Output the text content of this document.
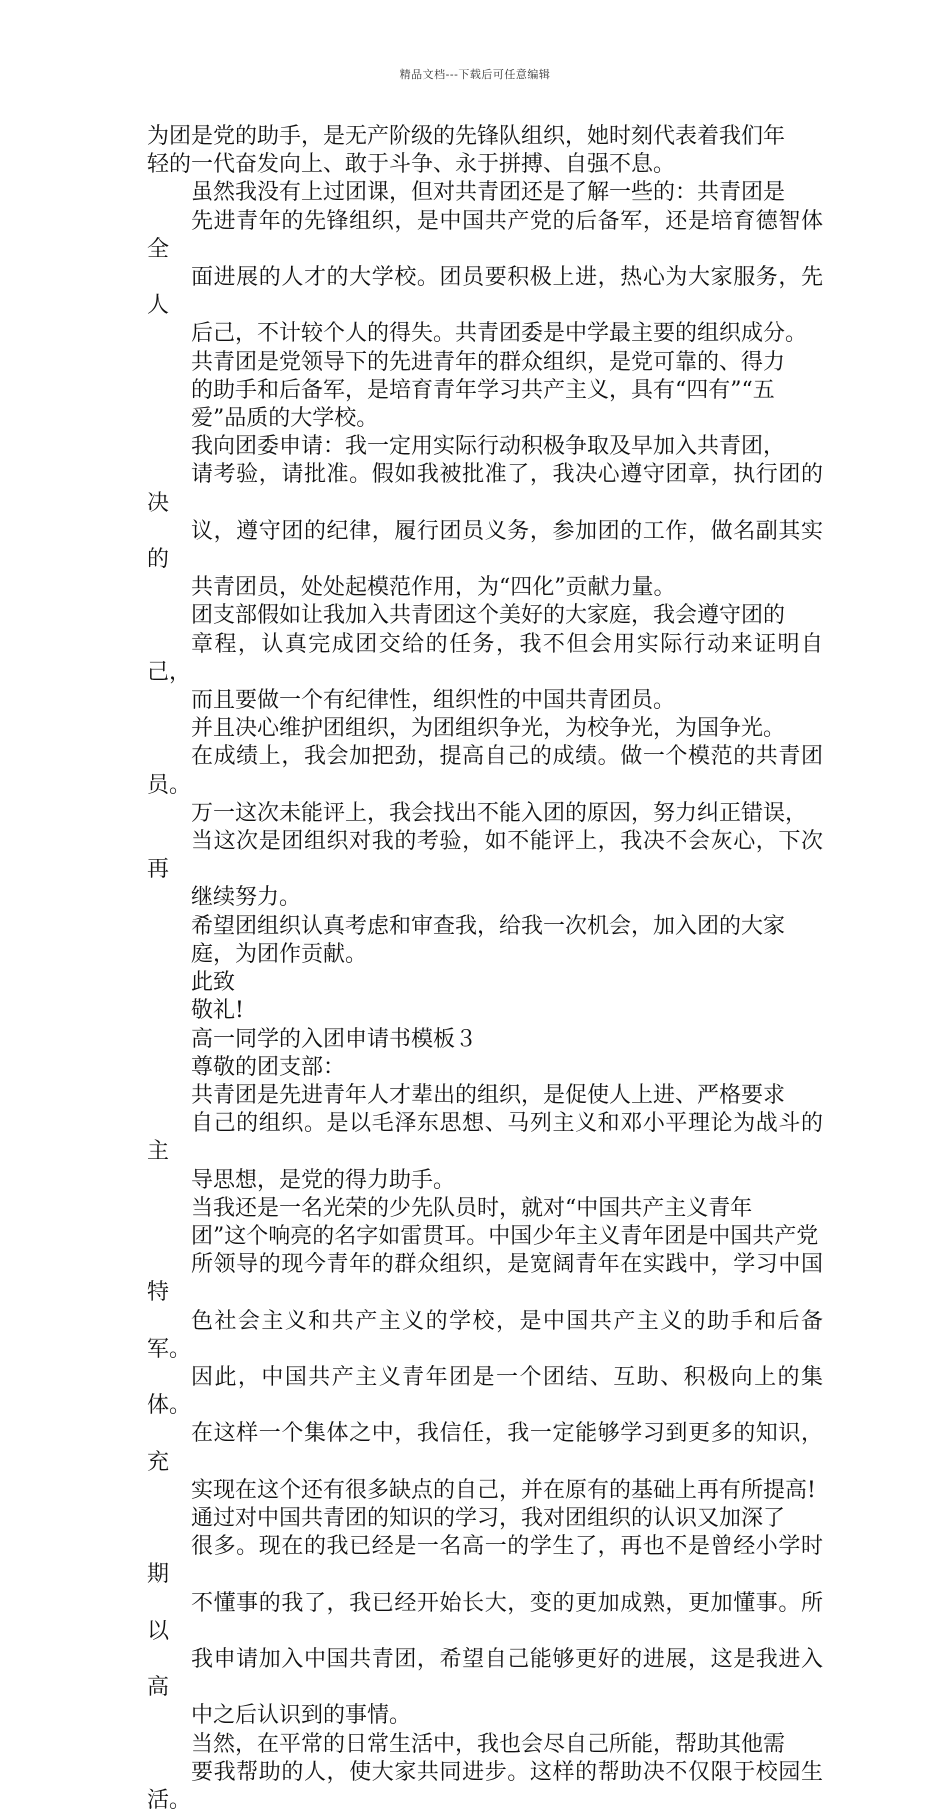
精品文档---下载后可任意编辑
为团是党的助手，是无产阶级的先锋队组织，她时刻代表着我们年
轻的一代奋发向上、敢于斗争、永于拼搏、自强不息。
虽然我没有上过团课，但对共青团还是了解一些的：共青团是
先进青年的先锋组织，是中国共产党的后备军，还是培育德智体全
面进展的人才的大学校。团员要积极上进，热心为大家服务，先人
后己，不计较个人的得失。共青团委是中学最主要的组织成分。
共青团是党领导下的先进青年的群众组织，是党可靠的、得力
的助手和后备军，是培育青年学习共产主义，具有“四有”“五
爱”品质的大学校。
我向团委申请：我一定用实际行动积极争取及早加入共青团，
请考验，请批准。假如我被批准了，我决心遵守团章，执行团的决
议，遵守团的纪律，履行团员义务，参加团的工作，做名副其实的
共青团员，处处起模范作用，为“四化”贡献力量。
团支部假如让我加入共青团这个美好的大家庭，我会遵守团的
章程，认真完成团交给的任务，我不但会用实际行动来证明自己，
而且要做一个有纪律性，组织性的中国共青团员。
并且决心维护团组织，为团组织争光，为校争光，为国争光。
在成绩上，我会加把劲，提高自己的成绩。做一个模范的共青团员。
万一这次未能评上，我会找出不能入团的原因，努力纠正错误，
当这次是团组织对我的考验，如不能评上，我决不会灰心，下次再
继续努力。
希望团组织认真考虑和审查我，给我一次机会，加入团的大家
庭，为团作贡献。
此致
敬礼!
高一同学的入团申请书模板３
尊敬的团支部：
共青团是先进青年人才辈出的组织，是促使人上进、严格要求
自己的组织。是以毛泽东思想、马列主义和邓小平理论为战斗的主
导思想，是党的得力助手。
当我还是一名光荣的少先队员时，就对“中国共产主义青年
团”这个响亮的名字如雷贯耳。中国少年主义青年团是中国共产党
所领导的现今青年的群众组织，是宽阔青年在实践中，学习中国特
色社会主义和共产主义的学校，是中国共产主义的助手和后备军。
因此，中国共产主义青年团是一个团结、互助、积极向上的集体。
在这样一个集体之中，我信任，我一定能够学习到更多的知识，充
实现在这个还有很多缺点的自己，并在原有的基础上再有所提高!
通过对中国共青团的知识的学习，我对团组织的认识又加深了
很多。现在的我已经是一名高一的学生了，再也不是曾经小学时期
不懂事的我了，我已经开始长大，变的更加成熟，更加懂事。所以
我申请加入中国共青团，希望自己能够更好的进展，这是我进入高
中之后认识到的事情。
当然，在平常的日常生活中，我也会尽自己所能，帮助其他需
要我帮助的人，使大家共同进步。这样的帮助决不仅限于校园生活。
